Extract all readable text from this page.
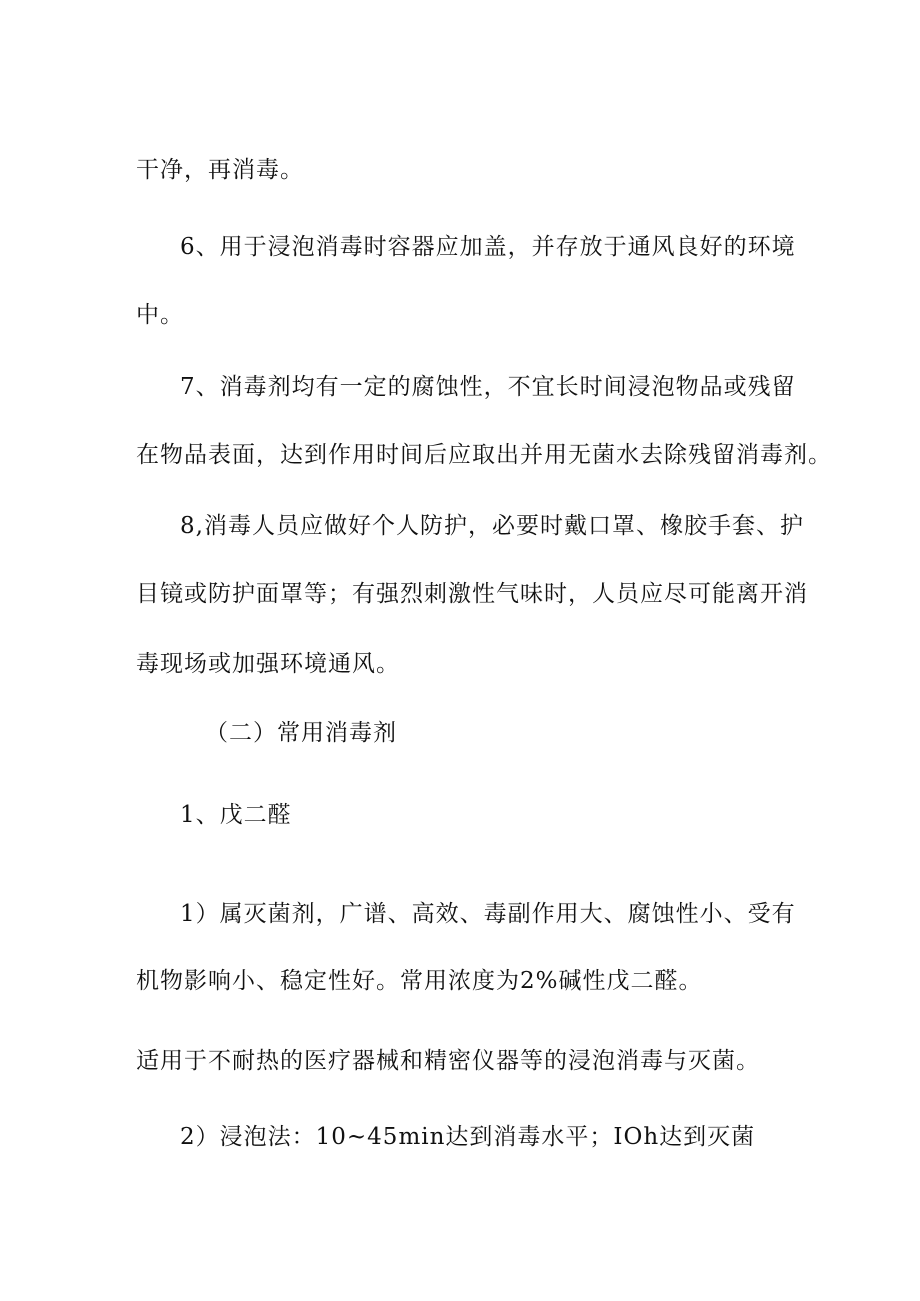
干净，再消毒。
6、用于浸泡消毒时容器应加盖，并存放于通风良好的环境
中。
7、消毒剂均有一定的腐蚀性，不宜长时间浸泡物品或残留
在物品表面，达到作用时间后应取出并用无菌水去除残留消毒剂。
8,消毒人员应做好个人防护，必要时戴口罩、橡胶手套、护
目镜或防护面罩等；有强烈刺激性气味时，人员应尽可能离开消
毒现场或加强环境通风。
（二）常用消毒剂
1、戊二醛
1）属灭菌剂，广谱、高效、毒副作用大、腐蚀性小、受有
机物影响小、稳定性好。常用浓度为2%碱性戊二醛。
适用于不耐热的医疗器械和精密仪器等的浸泡消毒与灭菌。
2）浸泡法：10~45min达到消毒水平；IOh达到灭菌
